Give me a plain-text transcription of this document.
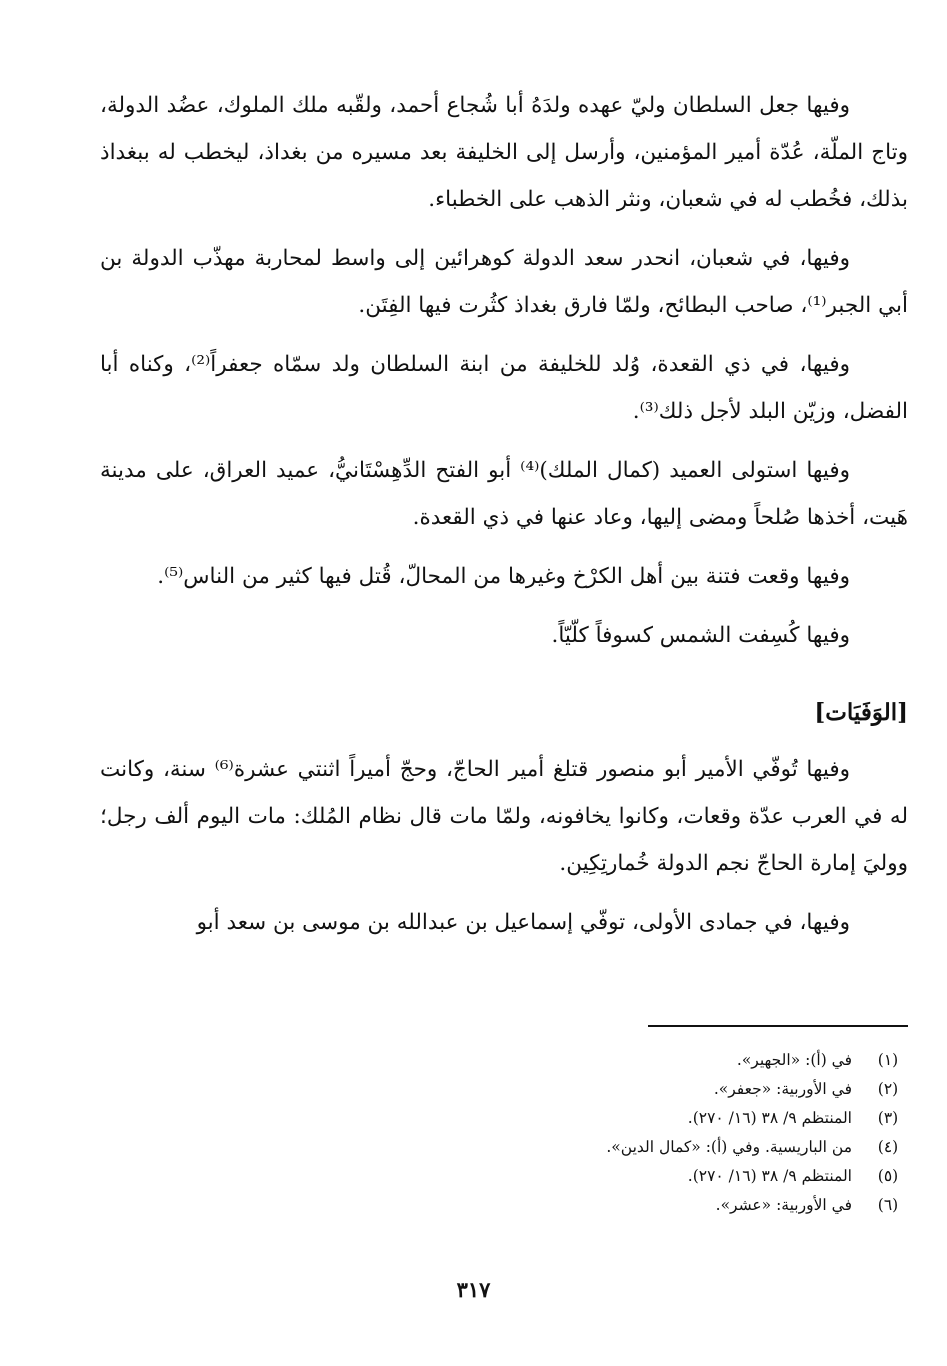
وفيها جعل السلطان وليّ عهده ولدَهُ أبا شُجاع أحمد، ولقّبه ملك الملوك، عضُد الدولة، وتاج الملّة، عُدّة أمير المؤمنين، وأرسل إلى الخليفة بعد مسيره من بغداذ، ليخطب له ببغداذ بذلك، فخُطب له في شعبان، ونثر الذهب على الخطباء.

وفيها، في شعبان، انحدر سعد الدولة كوهرائين إلى واسط لمحاربة مهذّب الدولة بن أبي الجبر⁽¹⁾، صاحب البطائح، ولمّا فارق بغداذ كثُرت فيها الفِتَن.

وفيها، في ذي القعدة، وُلد للخليفة من ابنة السلطان ولد سمّاه جعفراً⁽²⁾، وكناه أبا الفضل، وزيّن البلد لأجل ذلك⁽³⁾.

وفيها استولى العميد (كمال الملك)⁽⁴⁾ أبو الفتح الدِّهِسْتَانيُّ، عميد العراق، على مدينة هَيت، أخذها صُلحاً ومضى إليها، وعاد عنها في ذي القعدة.

وفيها وقعت فتنة بين أهل الكرْخ وغيرها من المحالّ، قُتل فيها كثير من الناس⁽⁵⁾.

وفيها كُسِفت الشمس كسوفاً كلّيّاً.

[الوَفَيَات]

وفيها تُوفّي الأمير أبو منصور قتلغ أمير الحاجّ، وحجّ أميراً اثنتي عشرة⁽⁶⁾ سنة، وكانت له في العرب عدّة وقعات، وكانوا يخافونه، ولمّا مات قال نظام المُلك: مات اليوم ألف رجل؛ ووليَ إمارة الحاجّ نجم الدولة خُمارتِكِين.

وفيها، في جمادى الأولى، توفّي إسماعيل بن عبدالله بن موسى بن سعد أبو

(١)
في (أ): «الجهير».
(٢)
في الأوربية: «جعفر».
(٣)
المنتظم ٩/ ٣٨ (١٦/ ٢٧٠).
(٤)
من الباريسية. وفي (أ): «كمال الدين».
(٥)
المنتظم ٩/ ٣٨ (١٦/ ٢٧٠).
(٦)
في الأوربية: «عشر».
٣١٧
